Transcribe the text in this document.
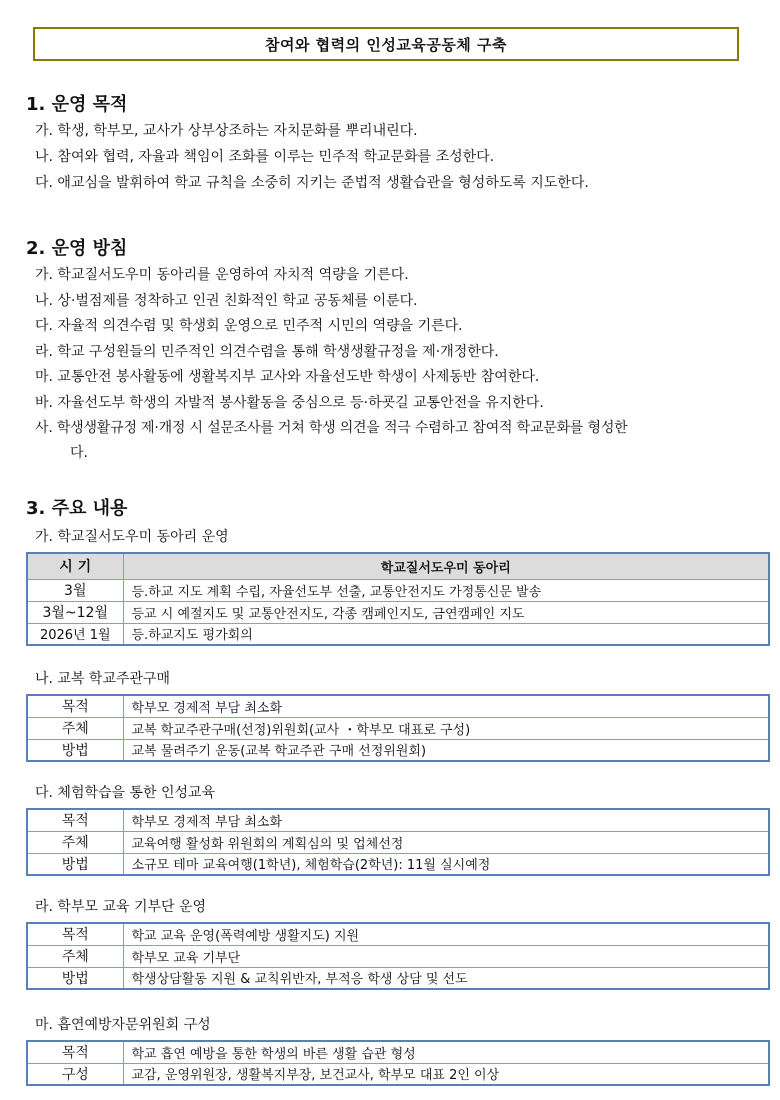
참여와 협력의 인성교육공동체 구축
1. 운영 목적
가. 학생, 학부모, 교사가 상부상조하는 자치문화를 뿌리내린다.
나. 참여와 협력, 자율과 책임이 조화를 이루는 민주적 학교문화를 조성한다.
다. 애교심을 발휘하여 학교 규칙을 소중히 지키는 준법적 생활습관을 형성하도록 지도한다.
2. 운영 방침
가. 학교질서도우미 동아리를 운영하여 자치적 역량을 기른다.
나. 상·벌점제를 정착하고 인권 친화적인 학교 공동체를 이룬다.
다. 자율적 의견수렴 및 학생회 운영으로 민주적 시민의 역량을 기른다.
라. 학교 구성원들의 민주적인 의견수렴을 통해 학생생활규정을 제·개정한다.
마. 교통안전 봉사활동에 생활복지부 교사와 자율선도반 학생이 사제동반 참여한다.
바. 자율선도부 학생의 자발적 봉사활동을 중심으로 등·하굣길 교통안전을 유지한다.
사. 학생생활규정 제·개정 시 설문조사를 거쳐 학생 의견을 적극 수렴하고 참여적 학교문화를 형성한
다.
3. 주요 내용
가. 학교질서도우미 동아리 운영
시 기	학교질서도우미 동아리
3월	등.하교 지도 계획 수립, 자율선도부 선출, 교통안전지도 가정통신문 발송
3월~12월	등교 시 예절지도 및 교통안전지도, 각종 캠페인지도, 금연캠페인 지도
2026년 1월	등.하교지도 평가회의
나. 교복 학교주관구매
목적	학부모 경제적 부담 최소화
주체	교복 학교주관구매(선정)위원회(교사 ・학부모 대표로 구성)
방법	교복 물려주기 운동(교복 학교주관 구매 선정위원회)
다. 체험학습을 통한 인성교육
목적	학부모 경제적 부담 최소화
주체	교육여행 활성화 위원회의 계획심의 및 업체선정
방법	소규모 테마 교육여행(1학년), 체험학습(2학년): 11월 실시예정
라. 학부모 교육 기부단 운영
목적	학교 교육 운영(폭력예방 생활지도) 지원
주체	학부모 교육 기부단
방법	학생상담활동 지원 & 교칙위반자, 부적응 학생 상담 및 선도
마. 흡연예방자문위원회 구성
목적	학교 흡연 예방을 통한 학생의 바른 생활 습관 형성
구성	교감, 운영위원장, 생활복지부장, 보건교사, 학부모 대표 2인 이상
